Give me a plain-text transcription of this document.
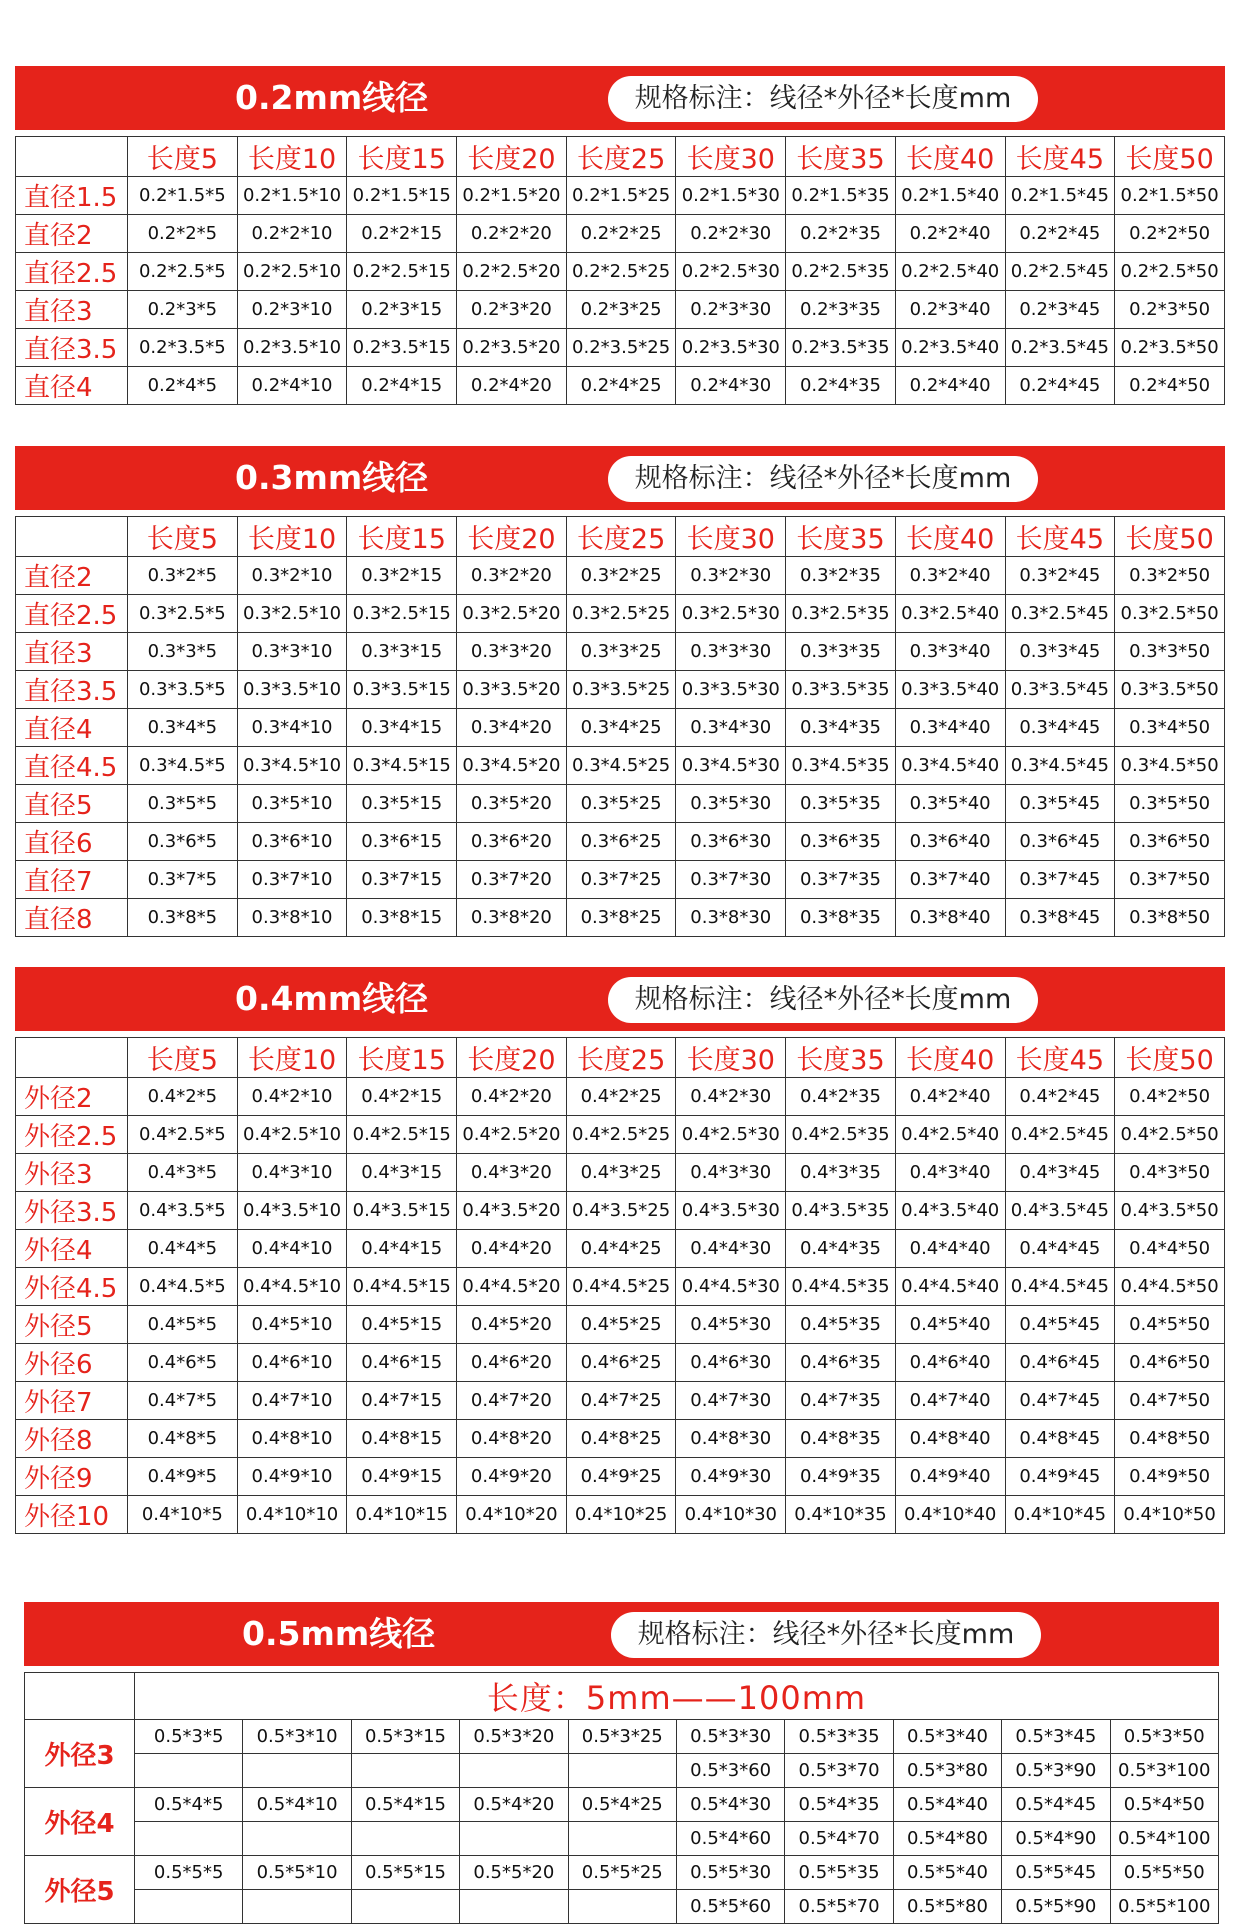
0.2mm线径	规格标注：线径*外径*长度mm
	长度5	长度10	长度15	长度20	长度25	长度30	长度35	长度40	长度45	长度50
直径1.5	0.2*1.5*5	0.2*1.5*10	0.2*1.5*15	0.2*1.5*20	0.2*1.5*25	0.2*1.5*30	0.2*1.5*35	0.2*1.5*40	0.2*1.5*45	0.2*1.5*50
直径2	0.2*2*5	0.2*2*10	0.2*2*15	0.2*2*20	0.2*2*25	0.2*2*30	0.2*2*35	0.2*2*40	0.2*2*45	0.2*2*50
直径2.5	0.2*2.5*5	0.2*2.5*10	0.2*2.5*15	0.2*2.5*20	0.2*2.5*25	0.2*2.5*30	0.2*2.5*35	0.2*2.5*40	0.2*2.5*45	0.2*2.5*50
直径3	0.2*3*5	0.2*3*10	0.2*3*15	0.2*3*20	0.2*3*25	0.2*3*30	0.2*3*35	0.2*3*40	0.2*3*45	0.2*3*50
直径3.5	0.2*3.5*5	0.2*3.5*10	0.2*3.5*15	0.2*3.5*20	0.2*3.5*25	0.2*3.5*30	0.2*3.5*35	0.2*3.5*40	0.2*3.5*45	0.2*3.5*50
直径4	0.2*4*5	0.2*4*10	0.2*4*15	0.2*4*20	0.2*4*25	0.2*4*30	0.2*4*35	0.2*4*40	0.2*4*45	0.2*4*50
0.3mm线径	规格标注：线径*外径*长度mm
	长度5	长度10	长度15	长度20	长度25	长度30	长度35	长度40	长度45	长度50
直径2	0.3*2*5	0.3*2*10	0.3*2*15	0.3*2*20	0.3*2*25	0.3*2*30	0.3*2*35	0.3*2*40	0.3*2*45	0.3*2*50
直径2.5	0.3*2.5*5	0.3*2.5*10	0.3*2.5*15	0.3*2.5*20	0.3*2.5*25	0.3*2.5*30	0.3*2.5*35	0.3*2.5*40	0.3*2.5*45	0.3*2.5*50
直径3	0.3*3*5	0.3*3*10	0.3*3*15	0.3*3*20	0.3*3*25	0.3*3*30	0.3*3*35	0.3*3*40	0.3*3*45	0.3*3*50
直径3.5	0.3*3.5*5	0.3*3.5*10	0.3*3.5*15	0.3*3.5*20	0.3*3.5*25	0.3*3.5*30	0.3*3.5*35	0.3*3.5*40	0.3*3.5*45	0.3*3.5*50
直径4	0.3*4*5	0.3*4*10	0.3*4*15	0.3*4*20	0.3*4*25	0.3*4*30	0.3*4*35	0.3*4*40	0.3*4*45	0.3*4*50
直径4.5	0.3*4.5*5	0.3*4.5*10	0.3*4.5*15	0.3*4.5*20	0.3*4.5*25	0.3*4.5*30	0.3*4.5*35	0.3*4.5*40	0.3*4.5*45	0.3*4.5*50
直径5	0.3*5*5	0.3*5*10	0.3*5*15	0.3*5*20	0.3*5*25	0.3*5*30	0.3*5*35	0.3*5*40	0.3*5*45	0.3*5*50
直径6	0.3*6*5	0.3*6*10	0.3*6*15	0.3*6*20	0.3*6*25	0.3*6*30	0.3*6*35	0.3*6*40	0.3*6*45	0.3*6*50
直径7	0.3*7*5	0.3*7*10	0.3*7*15	0.3*7*20	0.3*7*25	0.3*7*30	0.3*7*35	0.3*7*40	0.3*7*45	0.3*7*50
直径8	0.3*8*5	0.3*8*10	0.3*8*15	0.3*8*20	0.3*8*25	0.3*8*30	0.3*8*35	0.3*8*40	0.3*8*45	0.3*8*50
0.4mm线径	规格标注：线径*外径*长度mm
	长度5	长度10	长度15	长度20	长度25	长度30	长度35	长度40	长度45	长度50
外径2	0.4*2*5	0.4*2*10	0.4*2*15	0.4*2*20	0.4*2*25	0.4*2*30	0.4*2*35	0.4*2*40	0.4*2*45	0.4*2*50
外径2.5	0.4*2.5*5	0.4*2.5*10	0.4*2.5*15	0.4*2.5*20	0.4*2.5*25	0.4*2.5*30	0.4*2.5*35	0.4*2.5*40	0.4*2.5*45	0.4*2.5*50
外径3	0.4*3*5	0.4*3*10	0.4*3*15	0.4*3*20	0.4*3*25	0.4*3*30	0.4*3*35	0.4*3*40	0.4*3*45	0.4*3*50
外径3.5	0.4*3.5*5	0.4*3.5*10	0.4*3.5*15	0.4*3.5*20	0.4*3.5*25	0.4*3.5*30	0.4*3.5*35	0.4*3.5*40	0.4*3.5*45	0.4*3.5*50
外径4	0.4*4*5	0.4*4*10	0.4*4*15	0.4*4*20	0.4*4*25	0.4*4*30	0.4*4*35	0.4*4*40	0.4*4*45	0.4*4*50
外径4.5	0.4*4.5*5	0.4*4.5*10	0.4*4.5*15	0.4*4.5*20	0.4*4.5*25	0.4*4.5*30	0.4*4.5*35	0.4*4.5*40	0.4*4.5*45	0.4*4.5*50
外径5	0.4*5*5	0.4*5*10	0.4*5*15	0.4*5*20	0.4*5*25	0.4*5*30	0.4*5*35	0.4*5*40	0.4*5*45	0.4*5*50
外径6	0.4*6*5	0.4*6*10	0.4*6*15	0.4*6*20	0.4*6*25	0.4*6*30	0.4*6*35	0.4*6*40	0.4*6*45	0.4*6*50
外径7	0.4*7*5	0.4*7*10	0.4*7*15	0.4*7*20	0.4*7*25	0.4*7*30	0.4*7*35	0.4*7*40	0.4*7*45	0.4*7*50
外径8	0.4*8*5	0.4*8*10	0.4*8*15	0.4*8*20	0.4*8*25	0.4*8*30	0.4*8*35	0.4*8*40	0.4*8*45	0.4*8*50
外径9	0.4*9*5	0.4*9*10	0.4*9*15	0.4*9*20	0.4*9*25	0.4*9*30	0.4*9*35	0.4*9*40	0.4*9*45	0.4*9*50
外径10	0.4*10*5	0.4*10*10	0.4*10*15	0.4*10*20	0.4*10*25	0.4*10*30	0.4*10*35	0.4*10*40	0.4*10*45	0.4*10*50
0.5mm线径	规格标注：线径*外径*长度mm
	长度：5mm——100mm									
外径3	0.5*3*5	0.5*3*10	0.5*3*15	0.5*3*20	0.5*3*25	0.5*3*30	0.5*3*35	0.5*3*40	0.5*3*45	0.5*3*50
						0.5*3*60	0.5*3*70	0.5*3*80	0.5*3*90	0.5*3*100
外径4	0.5*4*5	0.5*4*10	0.5*4*15	0.5*4*20	0.5*4*25	0.5*4*30	0.5*4*35	0.5*4*40	0.5*4*45	0.5*4*50
						0.5*4*60	0.5*4*70	0.5*4*80	0.5*4*90	0.5*4*100
外径5	0.5*5*5	0.5*5*10	0.5*5*15	0.5*5*20	0.5*5*25	0.5*5*30	0.5*5*35	0.5*5*40	0.5*5*45	0.5*5*50
						0.5*5*60	0.5*5*70	0.5*5*80	0.5*5*90	0.5*5*100
